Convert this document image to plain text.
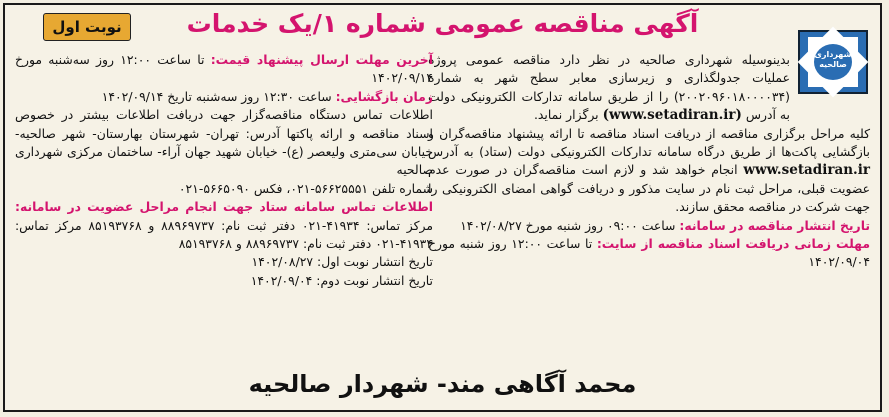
نوبت اول	آگهی مناقصه عمومی شماره ۱/یک خدمات
شهرداری صالحیه

بدینوسیله شهرداری صالحیه در نظر دارد مناقصه عمومی پروژه عملیات جدولگذاری و زیرسازی معابر سطح شهر به شماره (۲۰۰۲۰۹۶۰۱۸۰۰۰۰۳۴) را از طریق سامانه تدارکات الکترونیکی دولت به آدرس (www.setadiran.ir) برگزار نماید.

کلیه مراحل برگزاری مناقصه از دریافت اسناد مناقصه تا ارائه پیشنهاد مناقصه‌گران و بازگشایی پاکت‌ها از طریق درگاه سامانه تدارکات الکترونیکی دولت (ستاد) به آدرس www.setadiran.ir انجام خواهد شد و لازم است مناقصه‌گران در صورت عدم عضویت قبلی، مراحل ثبت نام در سایت مذکور و دریافت گواهی امضای الکترونیکی را جهت شرکت در مناقصه محقق سازند.

تاریخ انتشار مناقصه در سامانه: ساعت ۰۹:۰۰ روز شنبه مورخ ۱۴۰۲/۰۸/۲۷

مهلت زمانی دریافت اسناد مناقصه از سایت: تا ساعت ۱۲:۰۰ روز شنبه مورخ ۱۴۰۲/۰۹/۰۴

آخرین مهلت ارسال پیشنهاد قیمت: تا ساعت ۱۲:۰۰ روز سه‌شنبه مورخ ۱۴۰۲/۰۹/۱۴

زمان بازگشایی: ساعت ۱۲:۳۰ روز سه‌شنبه تاریخ ۱۴۰۲/۰۹/۱۴

اطلاعات تماس دستگاه مناقصه‌گزار جهت دریافت اطلاعات بیشتر در خصوص اسناد مناقصه و ارائه پاکتها آدرس: تهران- شهرستان بهارستان- شهر صالحیه- خیابان سی‌متری ولیعصر (ع)- خیابان شهید جهان آراء- ساختمان مرکزی شهرداری صالحیه

شماره تلفن ۵۶۶۲۵۵۵۱-۰۲۱، فکس ۵۶۶۵۰۹۰-۰۲۱

اطلاعات تماس سامانه ستاد جهت انجام مراحل عضویت در سامانه: مرکز تماس: ۴۱۹۳۴-۰۲۱ دفتر ثبت نام: ۸۸۹۶۹۷۳۷ و ۸۵۱۹۳۷۶۸ مرکز تماس: ۴۱۹۳۴-۰۲۱ دفتر ثبت نام: ۸۸۹۶۹۷۳۷ و ۸۵۱۹۳۷۶۸

تاریخ انتشار نوبت اول: ۱۴۰۲/۰۸/۲۷

تاریخ انتشار نوبت دوم: ۱۴۰۲/۰۹/۰۴

محمد آگاهی مند- شهردار صالحیه
